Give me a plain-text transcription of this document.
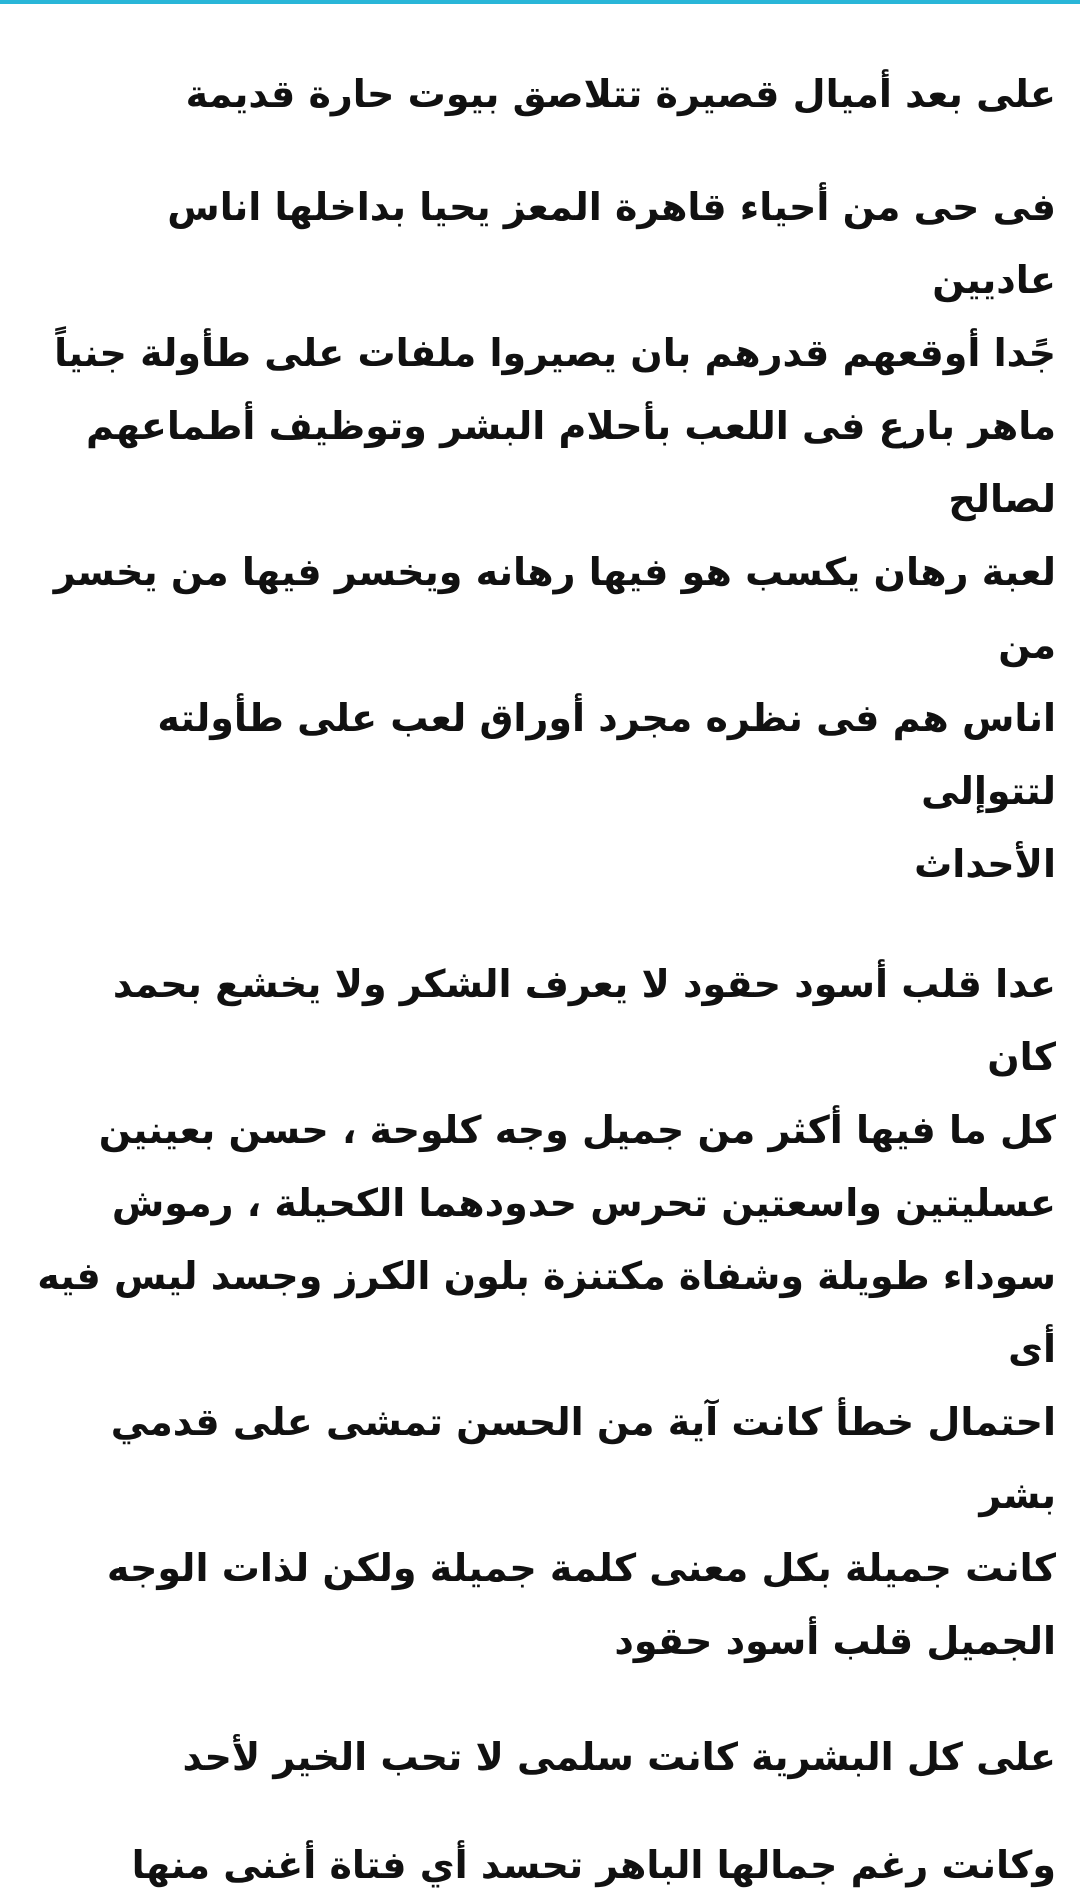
على بعد أميال قصيرة تتلاصق بيوت حارة قديمة

فى حى من أحياء قاهرة المعز يحيا بداخلها اناس عاديين
جًدا أوقعهم قدرهم بان يصيروا ملفات على طأولة جنياً
ماهر بارع فى اللعب بأحلام البشر وتوظيف أطماعهم لصالح
لعبة رهان يكسب هو فيها رهانه ويخسر فيها من يخسر من
اناس هم فى نظره مجرد أوراق لعب على طأولته لتتوإلى
الأحداث

عدا قلب أسود حقود لا يعرف الشكر ولا يخشع بحمد كان
كل ما فيها أكثر من جميل وجه كلوحة ، حسن بعينين
عسليتين واسعتين تحرس حدودهما الكحيلة ، رموش
سوداء طويلة وشفاة مكتنزة بلون الكرز وجسد ليس فيه أى
احتمال خطأ كانت آية من الحسن تمشى على قدمي بشر
كانت جميلة بكل معنى كلمة جميلة ولكن لذات الوجه
الجميل قلب أسود حقود

على كل البشرية كانت سلمى لا تحب الخير لأحد

وكانت رغم جمالها الباهر تحسد أي فتاة أغنى منها
